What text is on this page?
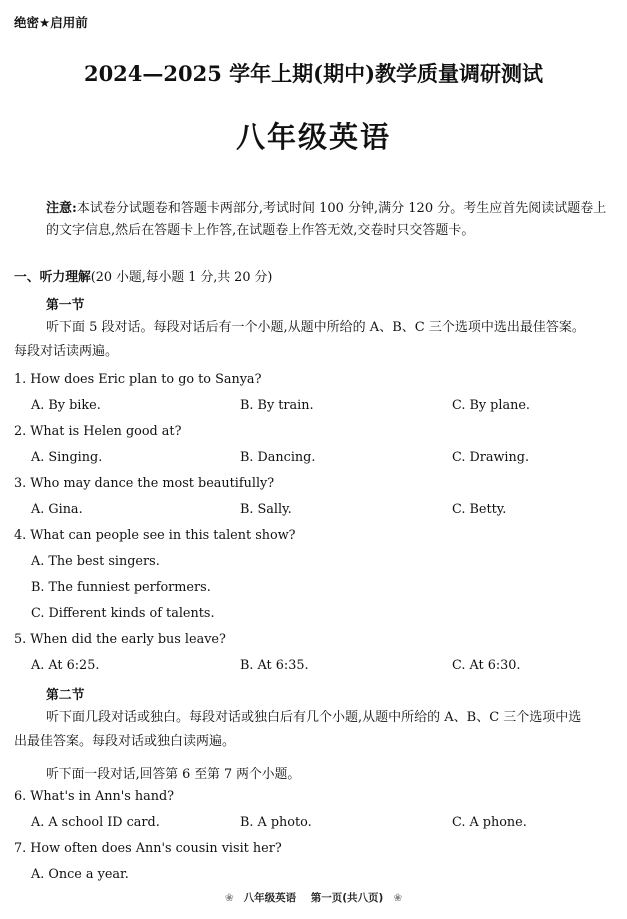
绝密★启用前
2024—2025 学年上期(期中)教学质量调研测试
八年级英语
注意:本试卷分试题卷和答题卡两部分,考试时间 100 分钟,满分 120 分。考生应首先阅读试题卷上的文字信息,然后在答题卡上作答,在试题卷上作答无效,交卷时只交答题卡。
一、听力理解(20 小题,每小题 1 分,共 20 分)
第一节
听下面 5 段对话。每段对话后有一个小题,从题中所给的 A、B、C 三个选项中选出最佳答案。每段对话读两遍。
1. How does Eric plan to go to Sanya?
A. By bike.	B. By train.	C. By plane.
2. What is Helen good at?
A. Singing.	B. Dancing.	C. Drawing.
3. Who may dance the most beautifully?
A. Gina.	B. Sally.	C. Betty.
4. What can people see in this talent show?
A. The best singers.
B. The funniest performers.
C. Different kinds of talents.
5. When did the early bus leave?
A. At 6:25.	B. At 6:35.	C. At 6:30.
第二节
听下面几段对话或独白。每段对话或独白后有几个小题,从题中所给的 A、B、C 三个选项中选出最佳答案。每段对话或独白读两遍。
听下面一段对话,回答第 6 至第 7 两个小题。
6. What's in Ann's hand?
A. A school ID card.	B. A photo.	C. A phone.
7. How often does Ann's cousin visit her?
A. Once a year.
❀ 八年级英语    第一页(共八页) ❀
